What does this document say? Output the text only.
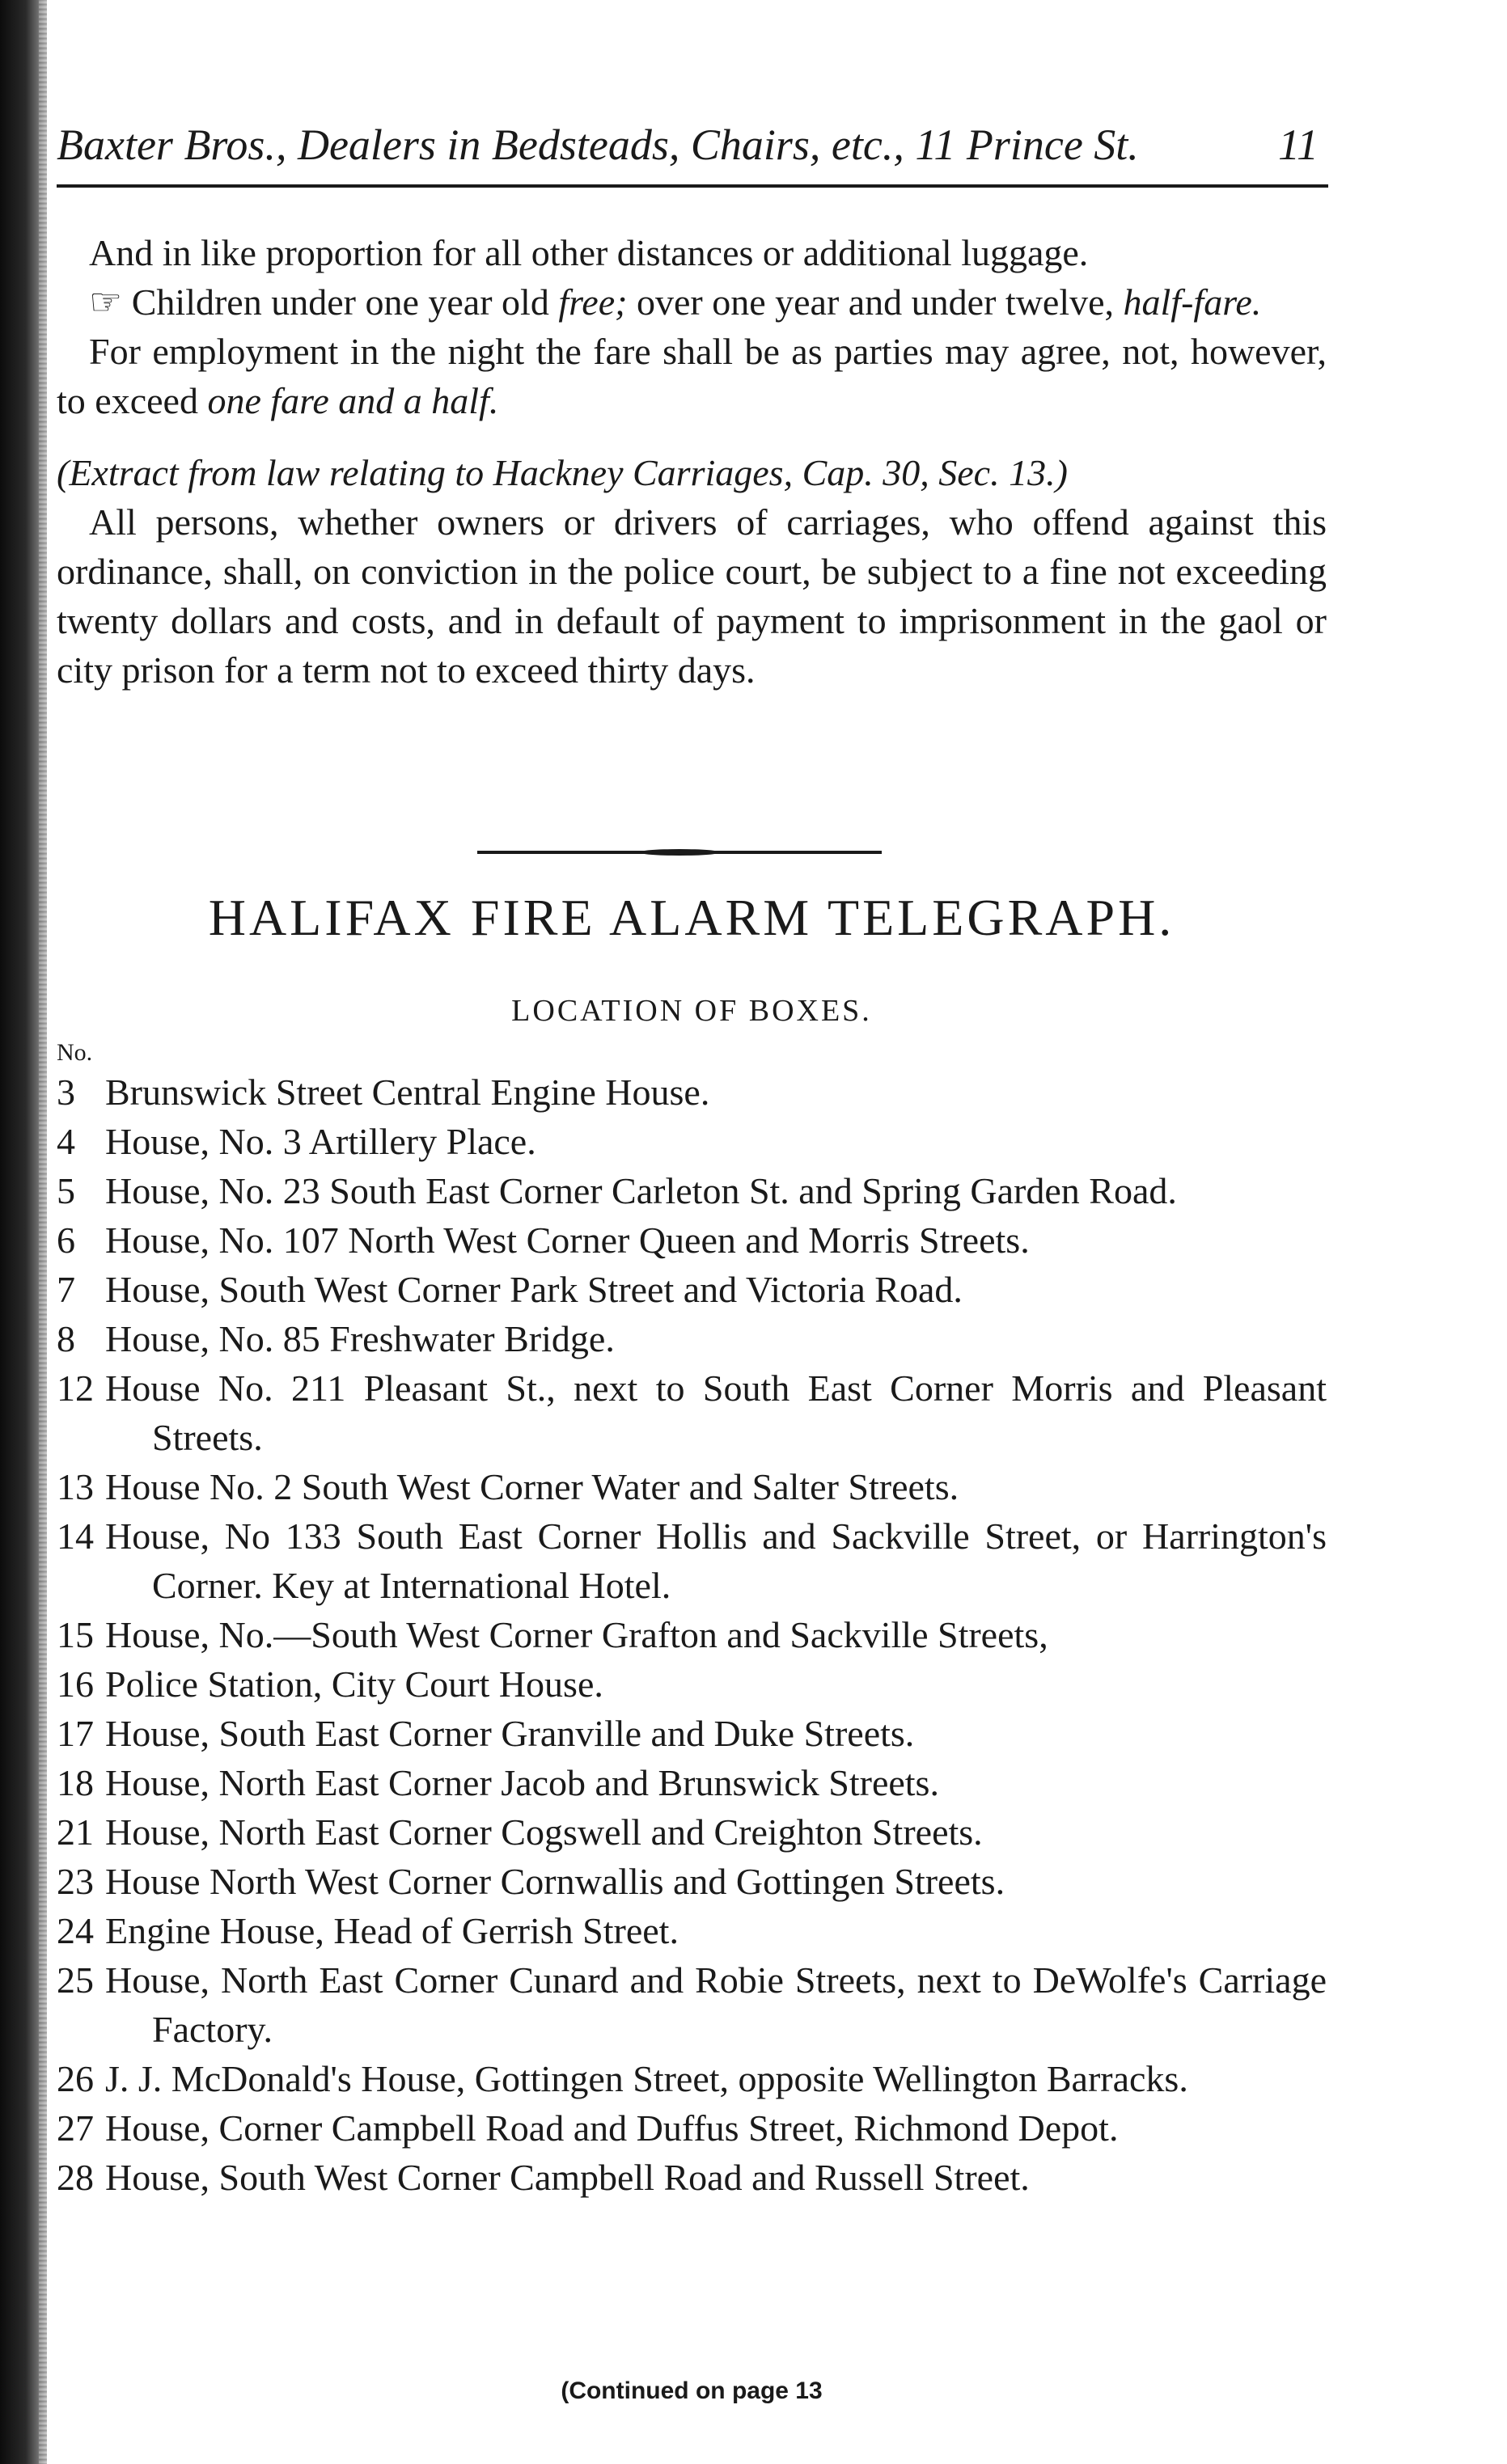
Baxter Bros., Dealers in Bedsteads, Chairs, etc., 11 Prince St.	11

And in like proportion for all other distances or additional luggage.

☞ Children under one year old free; over one year and under twelve, half-fare.

For employment in the night the fare shall be as parties may agree, not, however, to exceed one fare and a half.

(Extract from law relating to Hackney Carriages, Cap. 30, Sec. 13.)

All persons, whether owners or drivers of carriages, who offend against this ordinance, shall, on conviction in the police court, be subject to a fine not exceeding twenty dollars and costs, and in default of payment to imprisonment in the gaol or city prison for a term not to exceed thirty days.

HALIFAX FIRE ALARM TELEGRAPH.
LOCATION OF BOXES.
No.
3 Brunswick Street Central Engine House.
4 House, No. 3 Artillery Place.
5 House, No. 23 South East Corner Carleton St. and Spring Garden Road.
6 House, No. 107 North West Corner Queen and Morris Streets.
7 House, South West Corner Park Street and Victoria Road.
8 House, No. 85 Freshwater Bridge.
12 House No. 211 Pleasant St., next to South East Corner Morris and Pleasant Streets.
13 House No. 2 South West Corner Water and Salter Streets.
14 House, No 133 South East Corner Hollis and Sackville Street, or Harrington's Corner. Key at International Hotel.
15 House, No.—South West Corner Grafton and Sackville Streets,
16 Police Station, City Court House.
17 House, South East Corner Granville and Duke Streets.
18 House, North East Corner Jacob and Brunswick Streets.
21 House, North East Corner Cogswell and Creighton Streets.
23 House North West Corner Cornwallis and Gottingen Streets.
24 Engine House, Head of Gerrish Street.
25 House, North East Corner Cunard and Robie Streets, next to DeWolfe's Carriage Factory.
26 J. J. McDonald's House, Gottingen Street, opposite Wellington Barracks.
27 House, Corner Campbell Road and Duffus Street, Richmond Depot.
28 House, South West Corner Campbell Road and Russell Street.
(Continued on page 13
